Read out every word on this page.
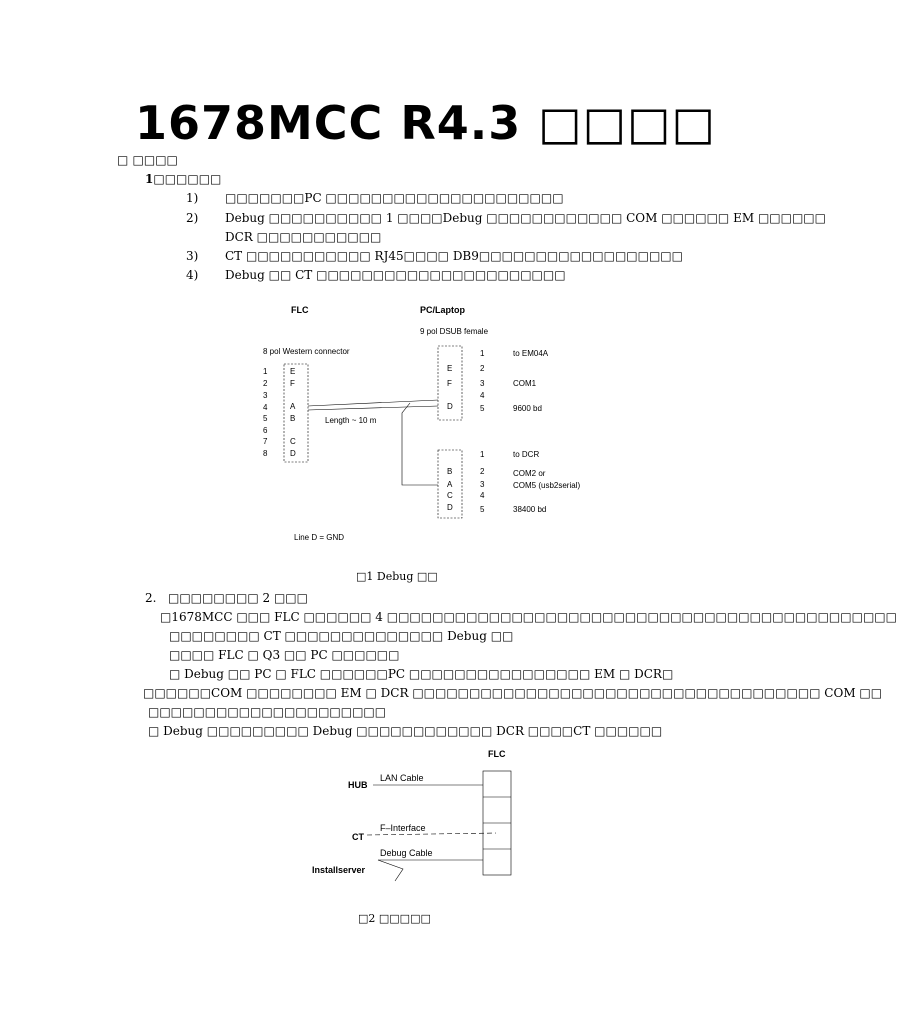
1678MCC R4.3 □□□□
□ □□□□
1□□□□□□
1)	□□□□□□□PC □□□□□□□□□□□□□□□□□□□□□
2)	Debug □□□□□□□□□□ 1 □□□□Debug □□□□□□□□□□□□ COM □□□□□□ EM □□□□□□
DCR □□□□□□□□□□□
3)	CT □□□□□□□□□□□ RJ45□□□□ DB9□□□□□□□□□□□□□□□□□□
4)	Debug □□ CT □□□□□□□□□□□□□□□□□□□□□□
FLC	PC/Laptop
9 pol DSUB female
8 pol Western connector
1
2
3
4
5
6
7
8
E
F
A
B
C
D
Length ~ 10 m
E
F
D
1
2
3
4
5
to EM04A
COM1
9600 bd
B
A
C
D
1
2
3
4
5
to DCR
COM2 or
COM5 (usb2serial)
38400 bd
Line D = GND
□1 Debug □□
2. □□□□□□□□ 2 □□□
□1678MCC □□□ FLC □□□□□□ 4 □□□□□□□□□□□□□□□□□□□□□□□□□□□□□□□□□□□□□□□□□□□□□
□□□□□□□□ CT □□□□□□□□□□□□□□ Debug □□
□□□□ FLC □ Q3 □□ PC □□□□□□
□ Debug □□ PC □ FLC □□□□□□PC □□□□□□□□□□□□□□□□ EM □ DCR□
□□□□□□COM □□□□□□□□ EM □ DCR □□□□□□□□□□□□□□□□□□□□□□□□□□□□□□□□□□□□ COM □□
□□□□□□□□□□□□□□□□□□□□□
□ Debug □□□□□□□□□ Debug □□□□□□□□□□□□ DCR □□□□CT □□□□□□
FLC
HUB
LAN Cable
CT
F–Interface
Debug Cable
Installserver
□2 □□□□□
